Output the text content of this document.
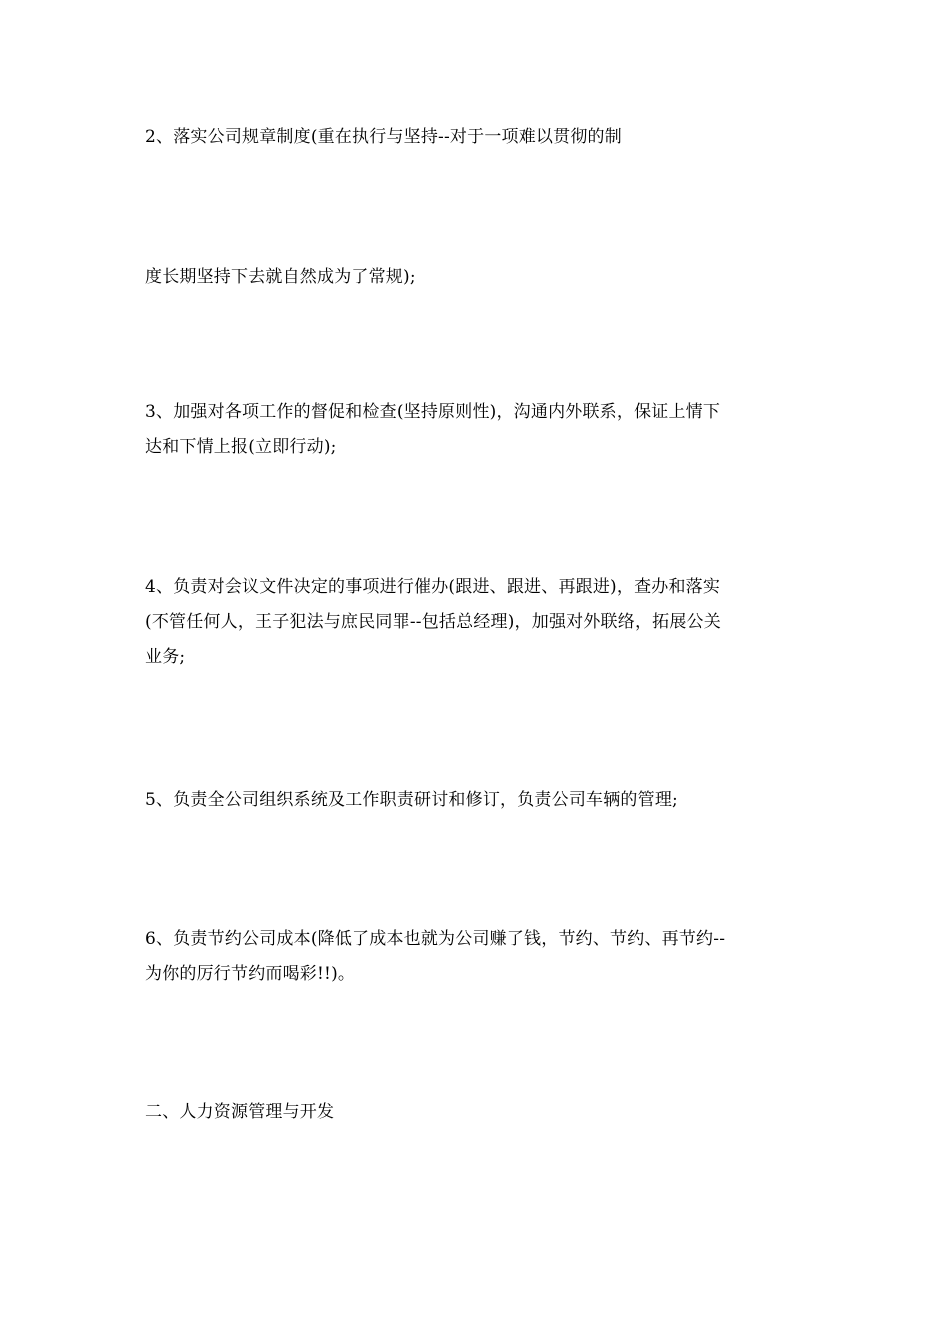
2、落实公司规章制度(重在执行与坚持--对于一项难以贯彻的制
度长期坚持下去就自然成为了常规);
3、加强对各项工作的督促和检查(坚持原则性)，沟通内外联系，保证上情下
达和下情上报(立即行动);
4、负责对会议文件决定的事项进行催办(跟进、跟进、再跟进)，查办和落实
(不管任何人，王子犯法与庶民同罪--包括总经理)，加强对外联络，拓展公关
业务;
5、负责全公司组织系统及工作职责研讨和修订，负责公司车辆的管理;
6、负责节约公司成本(降低了成本也就为公司赚了钱，节约、节约、再节约--
为你的厉行节约而喝彩!!)。
二、人力资源管理与开发
